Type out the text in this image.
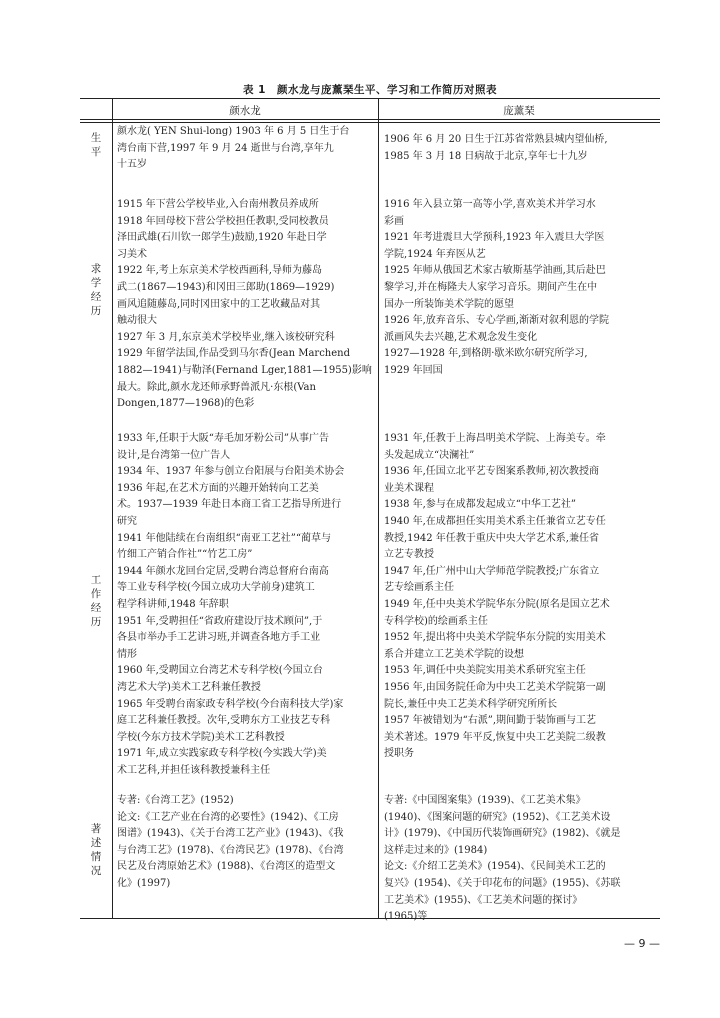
表 1　颜水龙与庞薰琹生平、学习和工作简历对照表
颜水龙	庞薰琹
生
平
颜水龙( YEN Shui-long) 1903 年 6 月 5 日生于台
湾台南下营,1997 年 9 月 24 逝世与台湾,享年九
十五岁
1906 年 6 月 20 日生于江苏省常熟县城内望仙桥,
1985 年 3 月 18 日病故于北京,享年七十九岁
求
学
经
历
1915 年下营公学校毕业,入台南州教员养成所
1918 年回母校下营公学校担任教职,受同校教员
泽田武雄(石川钦一郎学生)鼓励,1920 年赴日学
习美术
1922 年,考上东京美术学校西画科,导师为藤岛
武二(1867—1943)和冈田三郎助(1869—1929)
画风追随藤岛,同时冈田家中的工艺收藏品对其
触动很大
1927 年 3 月,东京美术学校毕业,继入该校研究科
1929 年留学法国,作品受到马尔香(Jean Marchend
1882—1941)与勒泽(Fernand Lger,1881—1955)影响
最大。除此,颜水龙还师承野兽派凡·东根(Van
Dongen,1877—1968)的色彩
1916 年入县立第一高等小学,喜欢美术并学习水
彩画
1921 年考进震旦大学预科,1923 年入震旦大学医
学院,1924 年弃医从艺
1925 年师从俄国艺术家古敏斯基学油画,其后赴巴
黎学习,并在梅隆夫人家学习音乐。期间产生在中
国办一所装饰美术学院的愿望
1926 年,放弃音乐、专心学画,渐渐对叙利恩的学院
派画风失去兴趣,艺术观念发生变化
1927—1928 年,到格朗·歇米欧尔研究所学习,
1929 年回国
工
作
经
历
1933 年,任职于大阪“寿毛加牙粉公司”从事广告
设计,是台湾第一位广告人
1934 年、1937 年参与创立台阳展与台阳美术协会
1936 年起,在艺术方面的兴趣开始转向工艺美
术。1937—1939 年赴日本商工省工艺指导所进行
研究
1941 年他陆续在台南组织“南亚工艺社”“蔺草与
竹细工产销合作社”“竹艺工房”
1944 年颜水龙回台定居,受聘台湾总督府台南高
等工业专科学校(今国立成功大学前身)建筑工
程学科讲师,1948 年辞职
1951 年,受聘担任“省政府建设厅技术顾问”,于
各县市举办手工艺讲习班,并调查各地方手工业
情形
1960 年,受聘国立台湾艺术专科学校(今国立台
湾艺术大学)美术工艺科兼任教授
1965 年受聘台南家政专科学校(今台南科技大学)家
庭工艺科兼任教授。次年,受聘东方工业技艺专科
学校(今东方技术学院)美术工艺科教授
1971 年,成立实践家政专科学校(今实践大学)美
术工艺科,并担任该科教授兼科主任
1931 年,任教于上海昌明美术学院、上海美专。牵
头发起成立“决澜社”
1936 年,任国立北平艺专图案系教师,初次教授商
业美术课程
1938 年,参与在成都发起成立“中华工艺社”
1940 年,在成都担任实用美术系主任兼省立艺专任
教授,1942 年任教于重庆中央大学艺术系,兼任省
立艺专教授
1947 年,任广州中山大学师范学院教授;广东省立
艺专绘画系主任
1949 年,任中央美术学院华东分院(原名是国立艺术
专科学校)的绘画系主任
1952 年,提出将中央美术学院华东分院的实用美术
系合并建立工艺美术学院的设想
1953 年,调任中央美院实用美术系研究室主任
1956 年,由国务院任命为中央工艺美术学院第一副
院长,兼任中央工艺美术科学研究所所长
1957 年被错划为“右派”,期间勤于装饰画与工艺
美术著述。1979 年平反,恢复中央工艺美院二级教
授职务
著
述
情
况
专著:《台湾工艺》(1952)
论文:《工艺产业在台湾的必要性》(1942)、《工房
图谱》(1943)、《关于台湾工艺产业》(1943)、《我
与台湾工艺》(1978)、《台湾民艺》(1978)、《台湾
民艺及台湾原始艺术》(1988)、《台湾区的造型文
化》(1997)
专著:《中国图案集》(1939)、《工艺美术集》
(1940)、《图案问题的研究》(1952)、《工艺美术设
计》(1979)、《中国历代装饰画研究》(1982)、《就是
这样走过来的》(1984)
论文:《介绍工艺美术》(1954)、《民间美术工艺的
复兴》(1954)、《关于印花布的问题》(1955)、《苏联
工艺美术》(1955)、《工艺美术问题的探讨》
(1965)等
— 9 —
